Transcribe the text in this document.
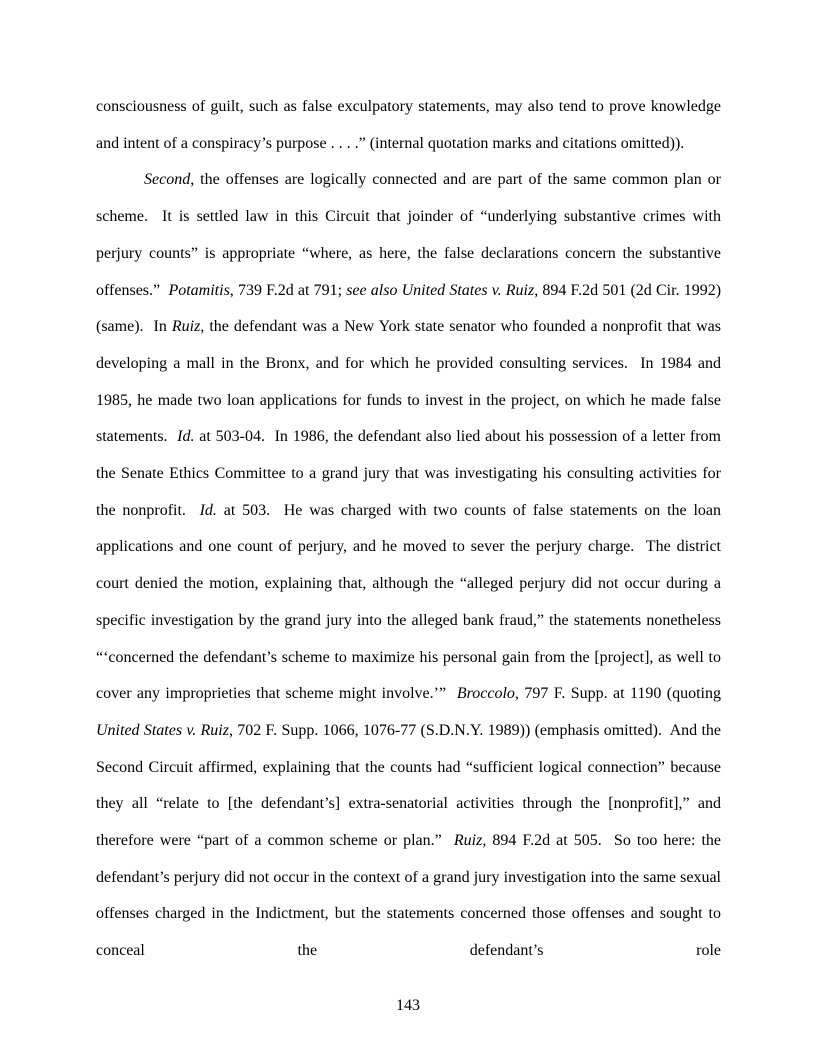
consciousness of guilt, such as false exculpatory statements, may also tend to prove knowledge and intent of a conspiracy’s purpose . . . .” (internal quotation marks and citations omitted)).

Second, the offenses are logically connected and are part of the same common plan or scheme.  It is settled law in this Circuit that joinder of “underlying substantive crimes with perjury counts” is appropriate “where, as here, the false declarations concern the substantive offenses.”  Potamitis, 739 F.2d at 791; see also United States v. Ruiz, 894 F.2d 501 (2d Cir. 1992) (same).  In Ruiz, the defendant was a New York state senator who founded a nonprofit that was developing a mall in the Bronx, and for which he provided consulting services.  In 1984 and 1985, he made two loan applications for funds to invest in the project, on which he made false statements.  Id. at 503-04.  In 1986, the defendant also lied about his possession of a letter from the Senate Ethics Committee to a grand jury that was investigating his consulting activities for the nonprofit.  Id. at 503.  He was charged with two counts of false statements on the loan applications and one count of perjury, and he moved to sever the perjury charge.  The district court denied the motion, explaining that, although the “alleged perjury did not occur during a specific investigation by the grand jury into the alleged bank fraud,” the statements nonetheless “‘concerned the defendant’s scheme to maximize his personal gain from the [project], as well to cover any improprieties that scheme might involve.’”  Broccolo, 797 F. Supp. at 1190 (quoting United States v. Ruiz, 702 F. Supp. 1066, 1076-77 (S.D.N.Y. 1989)) (emphasis omitted).  And the Second Circuit affirmed, explaining that the counts had “sufficient logical connection” because they all “relate to [the defendant’s] extra-senatorial activities through the [nonprofit],” and therefore were “part of a common scheme or plan.”  Ruiz, 894 F.2d at 505.  So too here: the defendant’s perjury did not occur in the context of a grand jury investigation into the same sexual offenses charged in the Indictment, but the statements concerned those offenses and sought to conceal the defendant’s role

143
